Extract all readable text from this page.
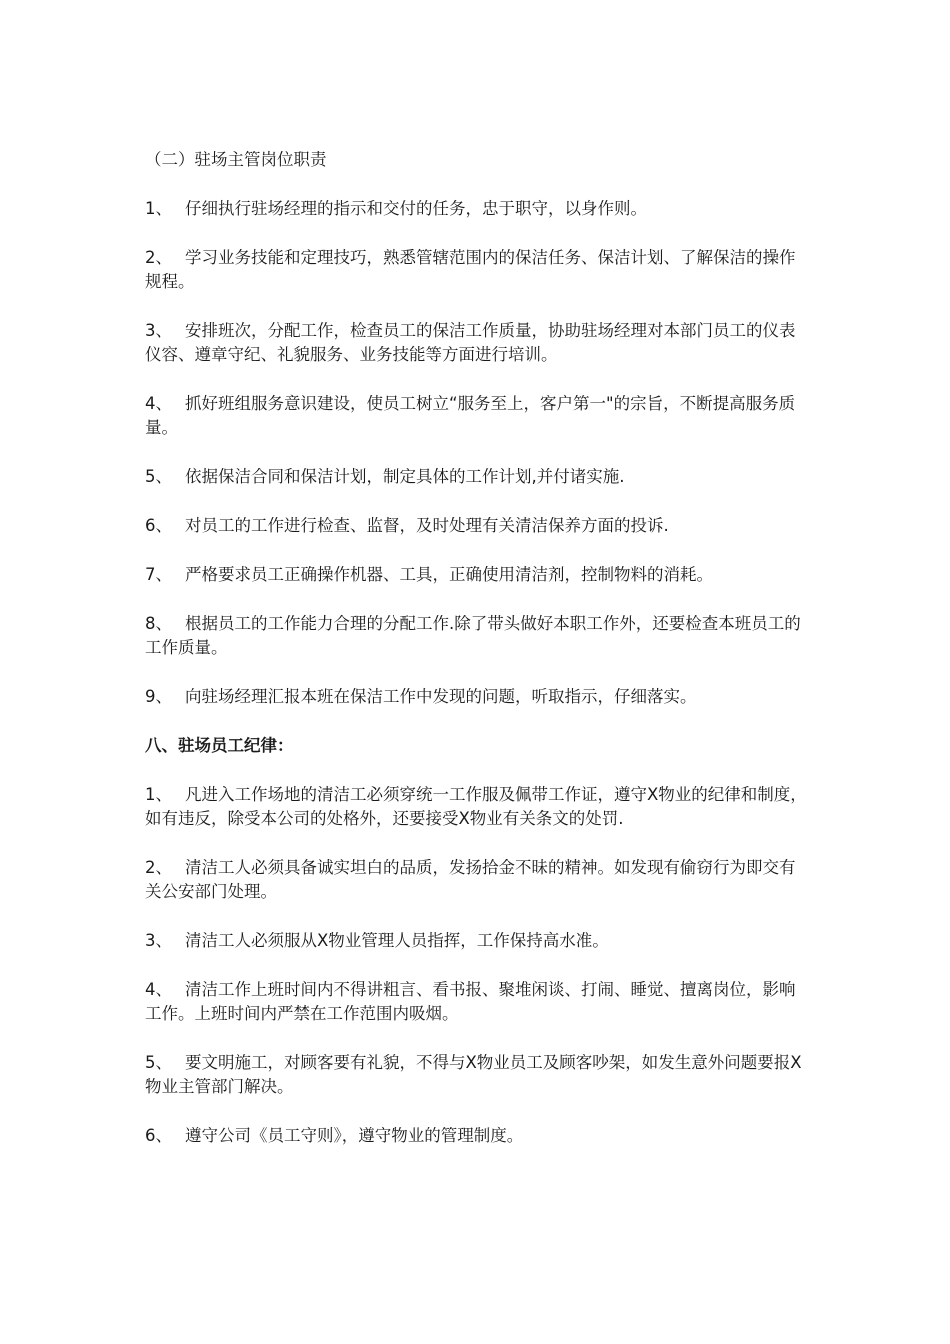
（二）驻场主管岗位职责
1、 仔细执行驻场经理的指示和交付的任务，忠于职守，以身作则。
2、 学习业务技能和定理技巧，熟悉管辖范围内的保洁任务、保洁计划、了解保洁的操作规程。
3、 安排班次，分配工作，检查员工的保洁工作质量，协助驻场经理对本部门员工的仪表仪容、遵章守纪、礼貌服务、业务技能等方面进行培训。
4、 抓好班组服务意识建设，使员工树立“服务至上，客户第一"的宗旨，不断提高服务质量。
5、 依据保洁合同和保洁计划，制定具体的工作计划,并付诸实施.
6、 对员工的工作进行检查、监督，及时处理有关清洁保养方面的投诉.
7、 严格要求员工正确操作机器、工具，正确使用清洁剂，控制物料的消耗。
8、 根据员工的工作能力合理的分配工作.除了带头做好本职工作外，还要检查本班员工的工作质量。
9、 向驻场经理汇报本班在保洁工作中发现的问题，听取指示，仔细落实。
八、驻场员工纪律：
1、 凡进入工作场地的清洁工必须穿统一工作服及佩带工作证，遵守X物业的纪律和制度，如有违反，除受本公司的处格外，还要接受X物业有关条文的处罚.
2、 清洁工人必须具备诚实坦白的品质，发扬拾金不昧的精神。如发现有偷窃行为即交有关公安部门处理。
3、 清洁工人必须服从X物业管理人员指挥，工作保持高水准。
4、 清洁工作上班时间内不得讲粗言、看书报、聚堆闲谈、打闹、睡觉、擅离岗位，影响工作。上班时间内严禁在工作范围内吸烟。
5、 要文明施工，对顾客要有礼貌，不得与X物业员工及顾客吵架，如发生意外问题要报X物业主管部门解决。
6、 遵守公司《员工守则》，遵守物业的管理制度。
